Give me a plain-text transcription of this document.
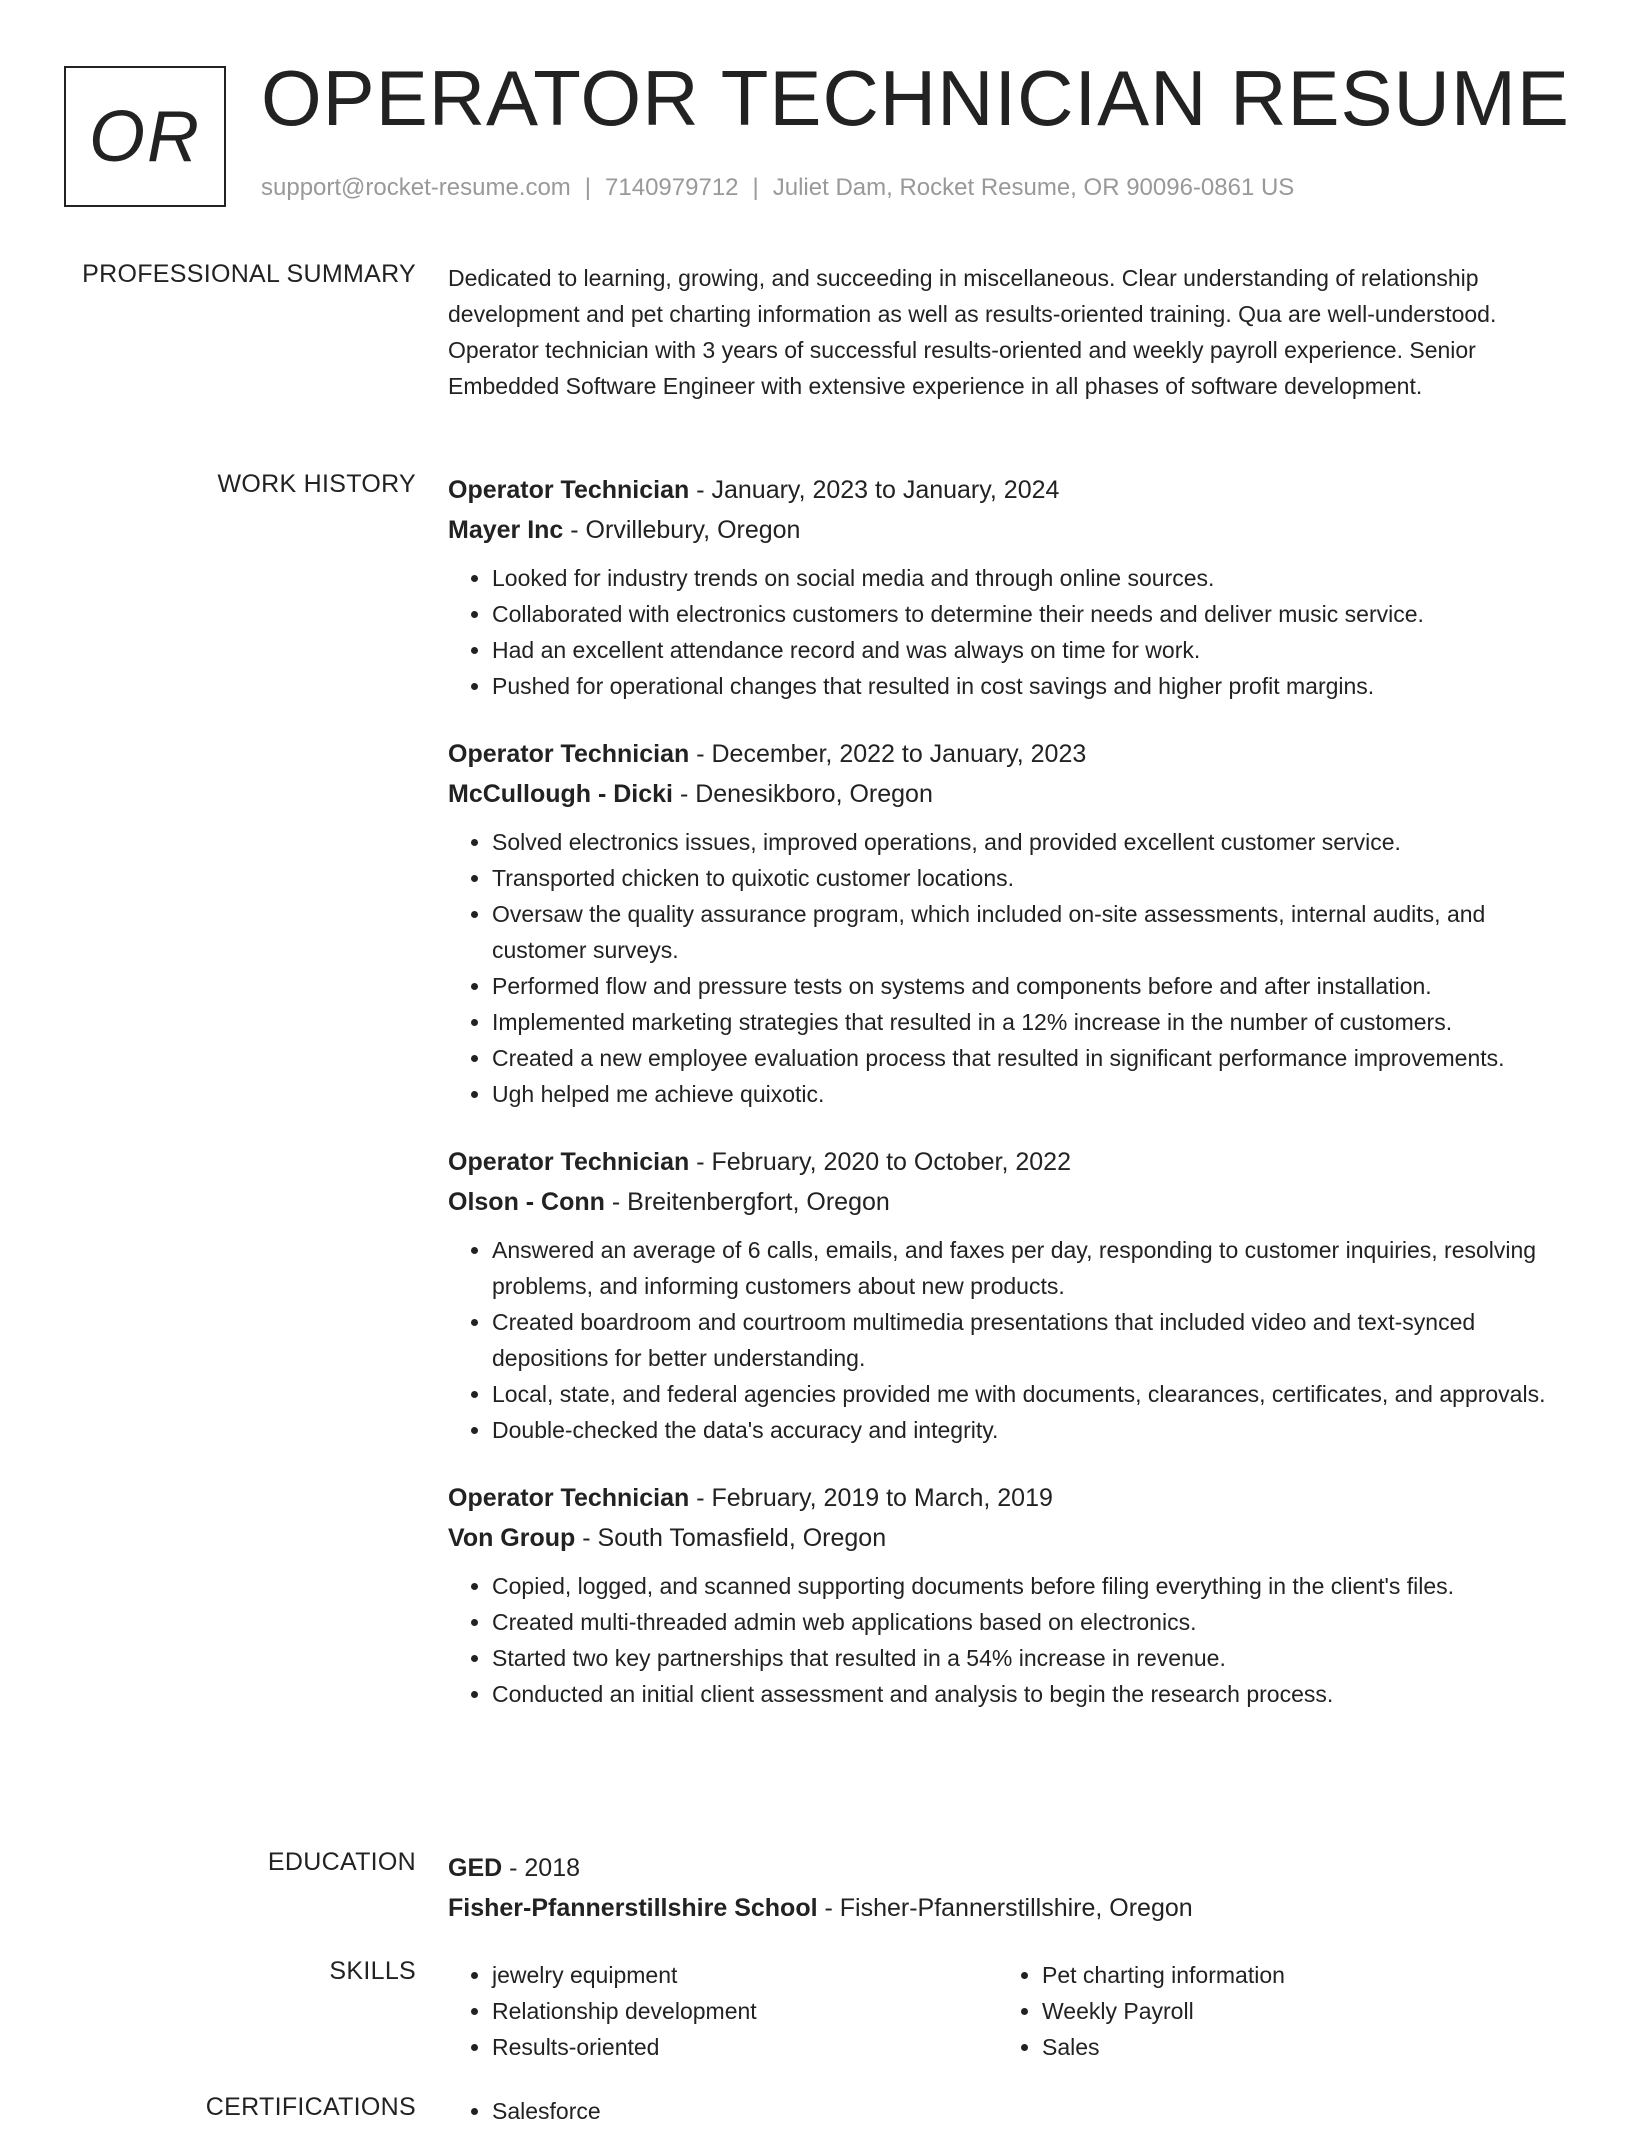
OR OPERATOR TECHNICIAN RESUME
support@rocket-resume.com | 7140979712 | Juliet Dam, Rocket Resume, OR 90096-0861 US
PROFESSIONAL SUMMARY Dedicated to learning, growing, and succeeding in miscellaneous. Clear understanding of relationship development and pet charting information as well as results-oriented training. Qua are well-understood. Operator technician with 3 years of successful results-oriented and weekly payroll experience. Senior Embedded Software Engineer with extensive experience in all phases of software development.

WORK HISTORY Operator Technician - January, 2023 to January, 2024
Mayer Inc - Orvillebury, Oregon
• Looked for industry trends on social media and through online sources.
• Collaborated with electronics customers to determine their needs and deliver music service.
• Had an excellent attendance record and was always on time for work.
• Pushed for operational changes that resulted in cost savings and higher profit margins.
Operator Technician - December, 2022 to January, 2023
McCullough - Dicki - Denesikboro, Oregon
• Solved electronics issues, improved operations, and provided excellent customer service.
• Transported chicken to quixotic customer locations.
• Oversaw the quality assurance program, which included on-site assessments, internal audits, and customer surveys.
• Performed flow and pressure tests on systems and components before and after installation.
• Implemented marketing strategies that resulted in a 12% increase in the number of customers.
• Created a new employee evaluation process that resulted in significant performance improvements.
• Ugh helped me achieve quixotic.
Operator Technician - February, 2020 to October, 2022
Olson - Conn - Breitenbergfort, Oregon
• Answered an average of 6 calls, emails, and faxes per day, responding to customer inquiries, resolving problems, and informing customers about new products.
• Created boardroom and courtroom multimedia presentations that included video and text-synced depositions for better understanding.
• Local, state, and federal agencies provided me with documents, clearances, certificates, and approvals.
• Double-checked the data's accuracy and integrity.
Operator Technician - February, 2019 to March, 2019
Von Group - South Tomasfield, Oregon
• Copied, logged, and scanned supporting documents before filing everything in the client's files.
• Created multi-threaded admin web applications based on electronics.
• Started two key partnerships that resulted in a 54% increase in revenue.
• Conducted an initial client assessment and analysis to begin the research process.
EDUCATION GED - 2018
Fisher-Pfannerstillshire School - Fisher-Pfannerstillshire, Oregon
SKILLS	• jewelry equipment
• Relationship development
• Results-oriented
• Pet charting information
• Weekly Payroll
• Sales
CERTIFICATIONS	• Salesforce
